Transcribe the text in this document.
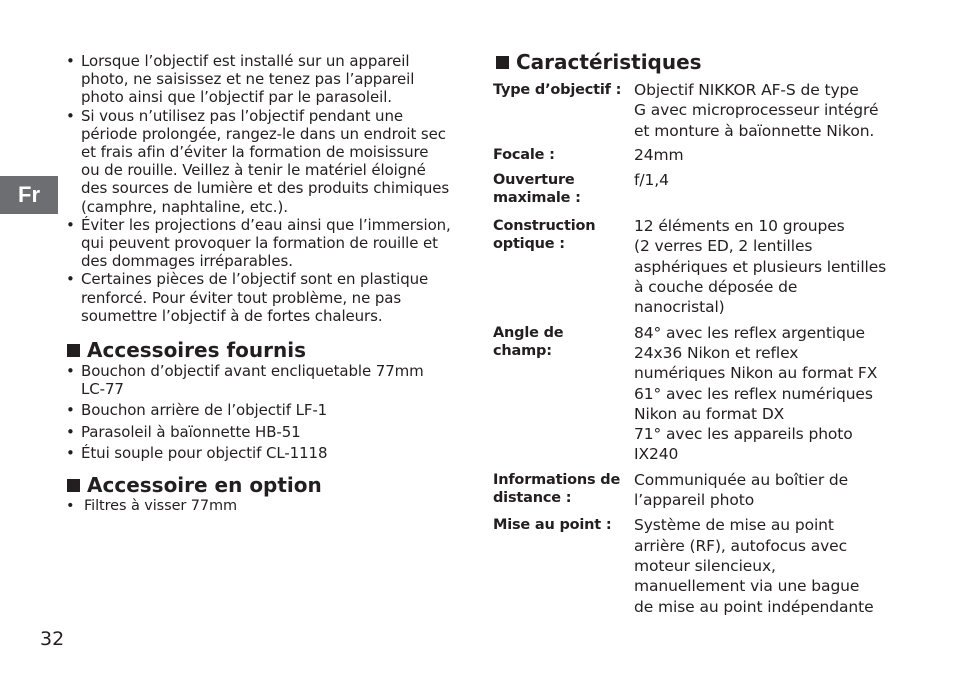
Fr
• Lorsque l’objectif est installé sur un appareil
photo, ne saisissez et ne tenez pas l’appareil
photo ainsi que l’objectif par le parasoleil.
• Si vous n’utilisez pas l’objectif pendant une
période prolongée, rangez-le dans un endroit sec
et frais afin d’éviter la formation de moisissure
ou de rouille. Veillez à tenir le matériel éloigné
des sources de lumière et des produits chimiques
(camphre, naphtaline, etc.).
• Éviter les projections d’eau ainsi que l’immersion,
qui peuvent provoquer la formation de rouille et
des dommages irréparables.
• Certaines pièces de l’objectif sont en plastique
renforcé. Pour éviter tout problème, ne pas
soumettre l’objectif à de fortes chaleurs.
Accessoires fournis
• Bouchon d’objectif avant encliquetable 77mm
LC-77
• Bouchon arrière de l’objectif LF-1
• Parasoleil à baïonnette HB-51
• Étui souple pour objectif CL-1118
Accessoire en option
• Filtres à visser 77mm
Caractéristiques
Type d’objectif : Objectif NIKKOR AF-S de type
G avec microprocesseur intégré
et monture à baïonnette Nikon.
Focale :	24mm
Ouverture
maximale :
f/1,4
Construction
optique :
12 éléments en 10 groupes
(2 verres ED, 2 lentilles
asphériques et plusieurs lentilles
à couche déposée de
nanocristal)
Angle de
champ:
84° avec les reflex argentique
24x36 Nikon et reflex
numériques Nikon au format FX
61° avec les reflex numériques
Nikon au format DX
71° avec les appareils photo
IX240
Informations de
distance :
Communiquée au boîtier de
l’appareil photo
Mise au point :	Système de mise au point
arrière (RF), autofocus avec
moteur silencieux,
manuellement via une bague
de mise au point indépendante
32
